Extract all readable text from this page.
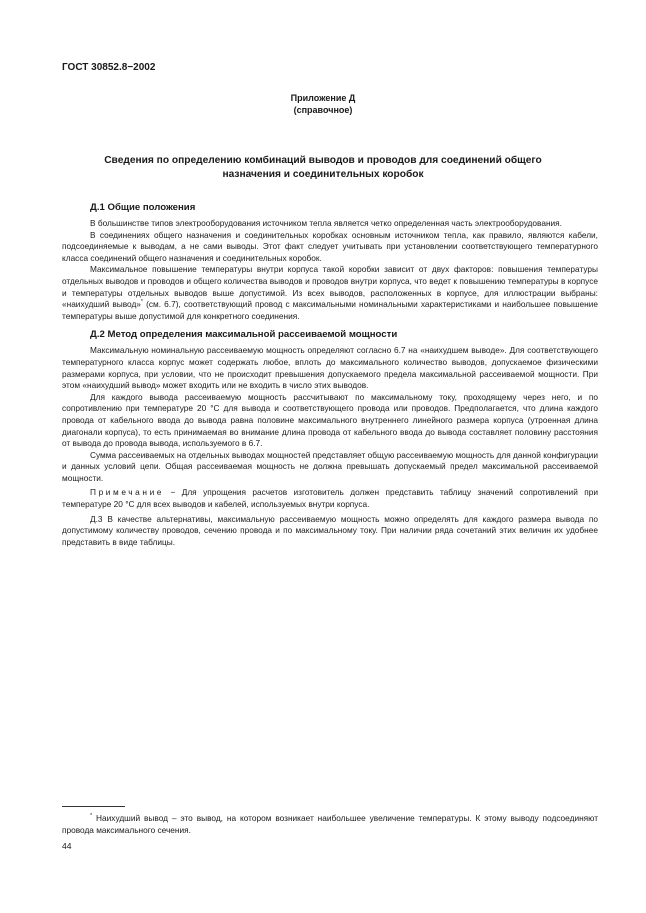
ГОСТ 30852.8−2002
Приложение Д
(справочное)
Сведения по определению комбинаций выводов и проводов для соединений общего
назначения и соединительных коробок
Д.1 Общие положения

В большинстве типов электрооборудования источником тепла является четко определенная часть электрооборудования.

В соединениях общего назначения и соединительных коробках основным источником тепла, как правило, являются кабели, подсоединяемые к выводам, а не сами выводы. Этот факт следует учитывать при установлении соответствующего температурного класса соединений общего назначения и соединительных коробок.

Максимальное повышение температуры внутри корпуса такой коробки зависит от двух факторов: повышения температуры отдельных выводов и проводов и общего количества выводов и проводов внутри корпуса, что ведет к повышению температуры в корпусе и температуры отдельных выводов выше допустимой. Из всех выводов, расположенных в корпусе, для иллюстрации выбраны: «наихудший вывод»* (см. 6.7), соответствующий провод с максимальными номинальными характеристиками и наибольшее повышение температуры выше допустимой для конкретного соединения.

Д.2 Метод определения максимальной рассеиваемой мощности

Максимальную номинальную рассеиваемую мощность определяют согласно 6.7 на «наихудшем выводе». Для соответствующего температурного класса корпус может содержать любое, вплоть до максимального количество выводов, допускаемое физическими размерами корпуса, при условии, что не происходит превышения допускаемого предела максимальной рассеиваемой мощности. При этом «наихудший вывод» может входить или не входить в число этих выводов.

Для каждого вывода рассеиваемую мощность рассчитывают по максимальному току, проходящему через него, и по сопротивлению при температуре 20 °С для вывода и соответствующего провода или проводов. Предполагается, что длина каждого провода от кабельного ввода до вывода равна половине максимального внутреннего линейного размера корпуса (утроенная длина диагонали корпуса), то есть принимаемая во внимание длина провода от кабельного ввода до вывода составляет половину расстояния от вывода до провода вывода, используемого в 6.7.

Сумма рассеиваемых на отдельных выводах мощностей представляет общую рассеиваемую мощность для данной конфигурации и данных условий цепи. Общая рассеиваемая мощность не должна превышать допускаемый предел максимальной рассеиваемой мощности.

Примечание − Для упрощения расчетов изготовитель должен представить таблицу значений сопротивлений при температуре 20 °С для всех выводов и кабелей, используемых внутри корпуса.

Д.3 В качестве альтернативы, максимальную рассеиваемую мощность можно определять для каждого размера вывода по допустимому количеству проводов, сечению провода и по максимальному току. При наличии ряда сочетаний этих величин их удобнее представить в виде таблицы.

* Наихудший вывод – это вывод, на котором возникает наибольшее увеличение температуры. К этому выводу подсоединяют провода максимального сечения.
44
